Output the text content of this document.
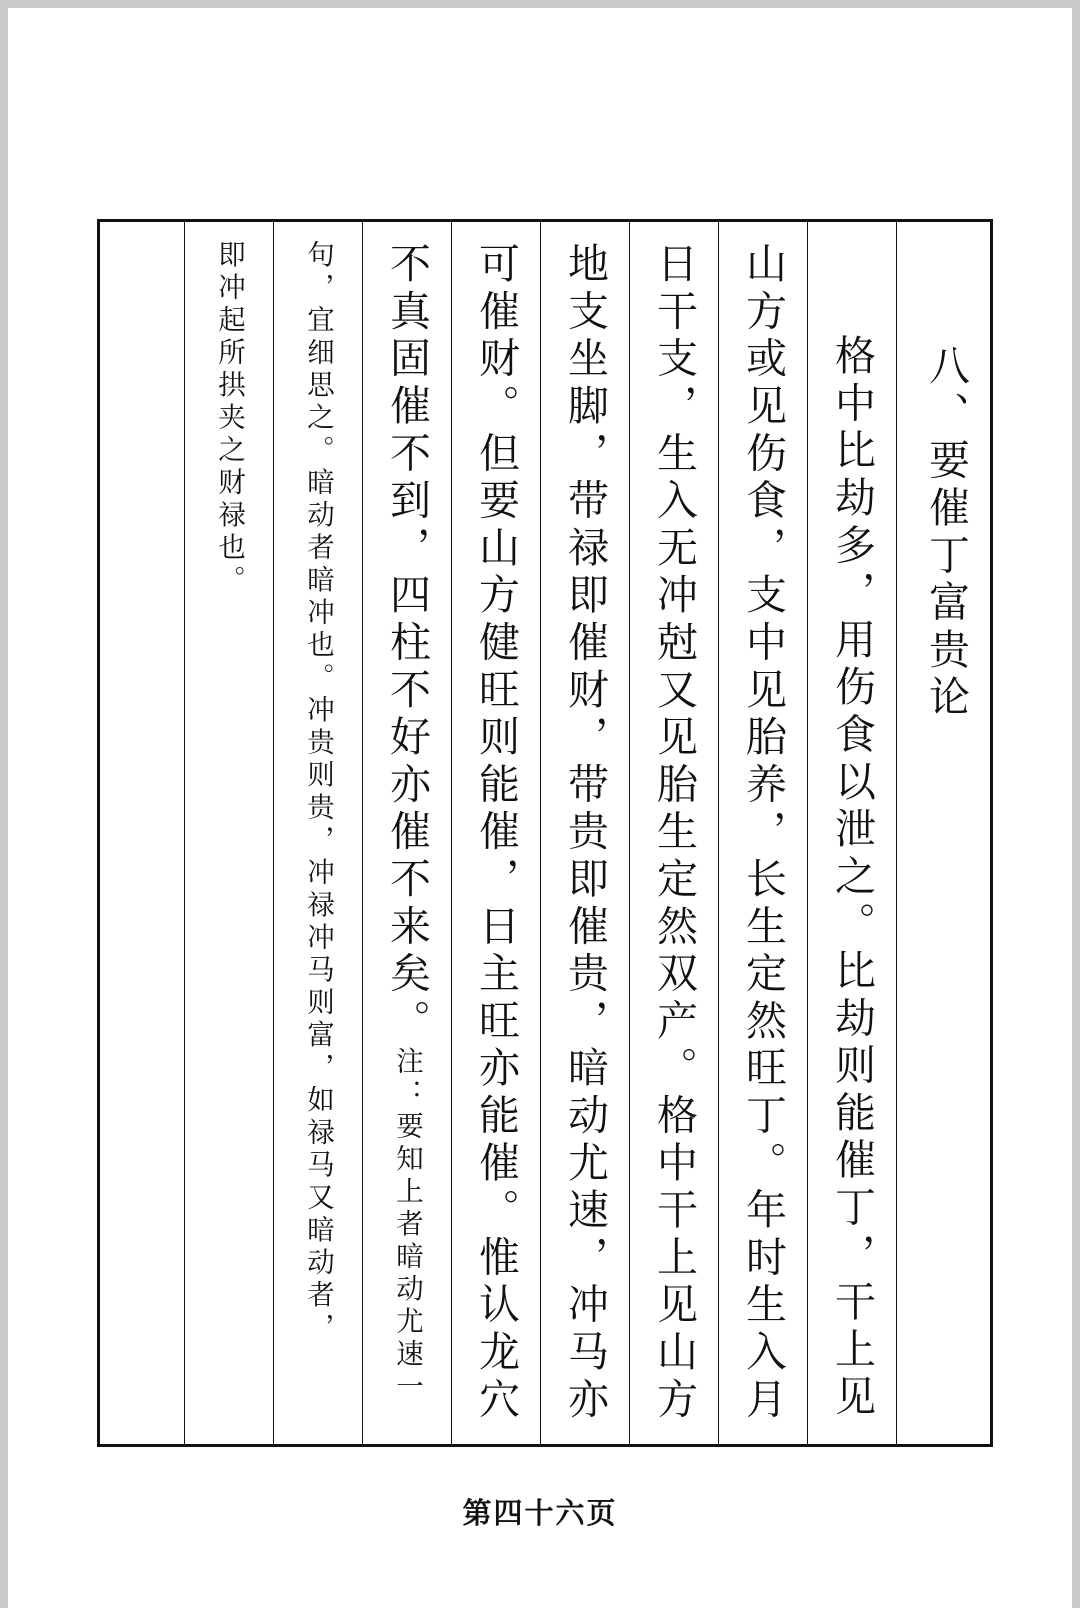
八、要催丁富贵论
格中比劫多，用伤食以泄之。比劫则能催丁，干上见
山方或见伤食，支中见胎养，长生定然旺丁。年时生入月
日干支，生入无冲尅又见胎生定然双产。格中干上见山方
地支坐脚，带禄即催财，带贵即催贵，暗动尤速，冲马亦
可催财。但要山方健旺则能催，日主旺亦能催。惟认龙穴
不真固催不到，四柱不好亦催不来矣。注：要知上者暗动尤速一
句，宜细思之。暗动者暗冲也。冲贵则贵，冲禄冲马则富，如禄马又暗动者，
即冲起所拱夹之财禄也。
第四十六页
